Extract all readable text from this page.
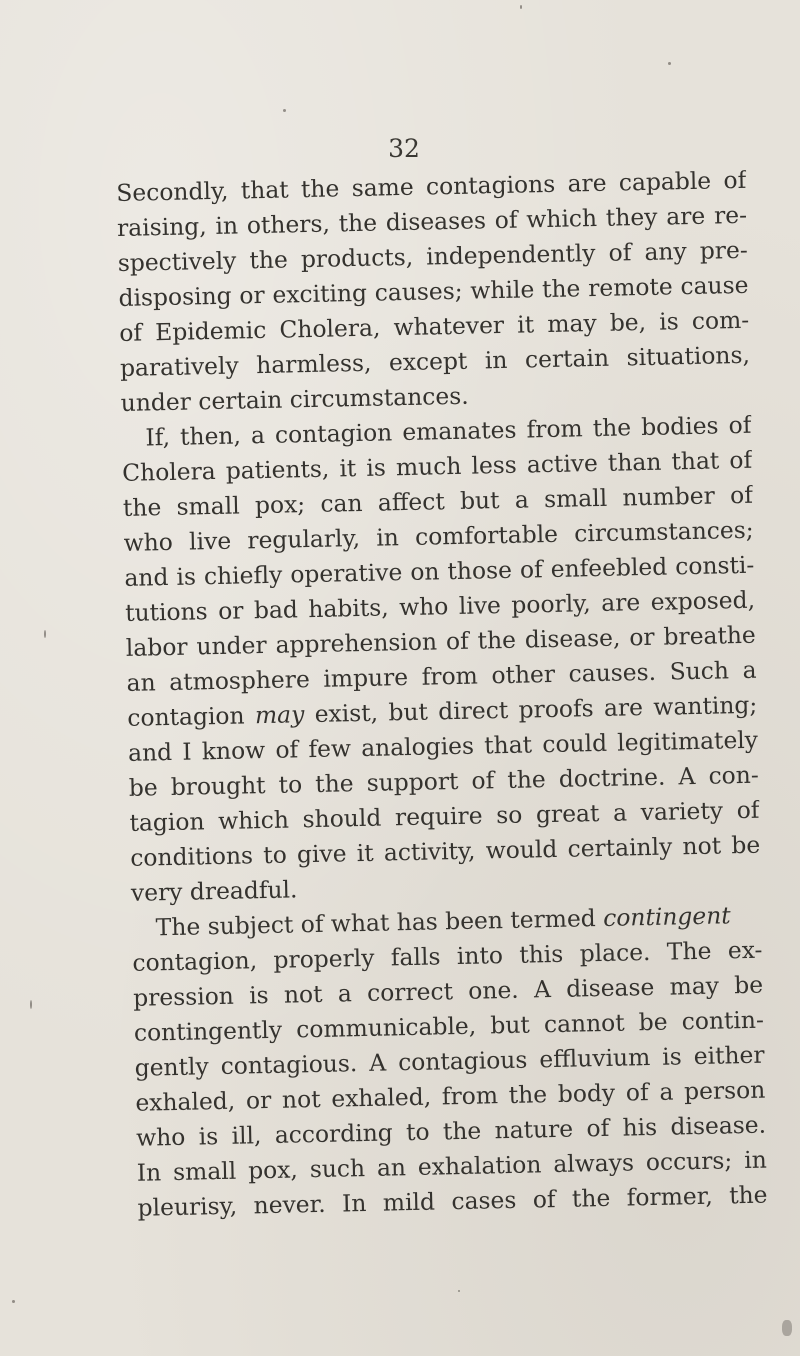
32
Secondly, that the same contagions are capable of
raising, in others, the diseases of which they are re-
spectively the products, independently of any pre-
disposing or exciting causes; while the remote cause
of Epidemic Cholera, whatever it may be, is com-
paratively harmless, except in certain situations,
under certain circumstances.
If, then, a contagion emanates from the bodies of
Cholera patients, it is much less active than that of
the small pox; can affect but a small number of
who live regularly, in comfortable circumstances;
and is chiefly operative on those of enfeebled consti-
tutions or bad habits, who live poorly, are exposed,
labor under apprehension of the disease, or breathe
an atmosphere impure from other causes. Such a
contagion may exist, but direct proofs are wanting;
and I know of few analogies that could legitimately
be brought to the support of the doctrine. A con-
tagion which should require so great a variety of
conditions to give it activity, would certainly not be
very dreadful.
The subject of what has been termed contingent
contagion, properly falls into this place. The ex-
pression is not a correct one. A disease may be
contingently communicable, but cannot be contin-
gently contagious. A contagious effluvium is either
exhaled, or not exhaled, from the body of a person
who is ill, according to the nature of his disease.
In small pox, such an exhalation always occurs; in
pleurisy, never. In mild cases of the former, the
